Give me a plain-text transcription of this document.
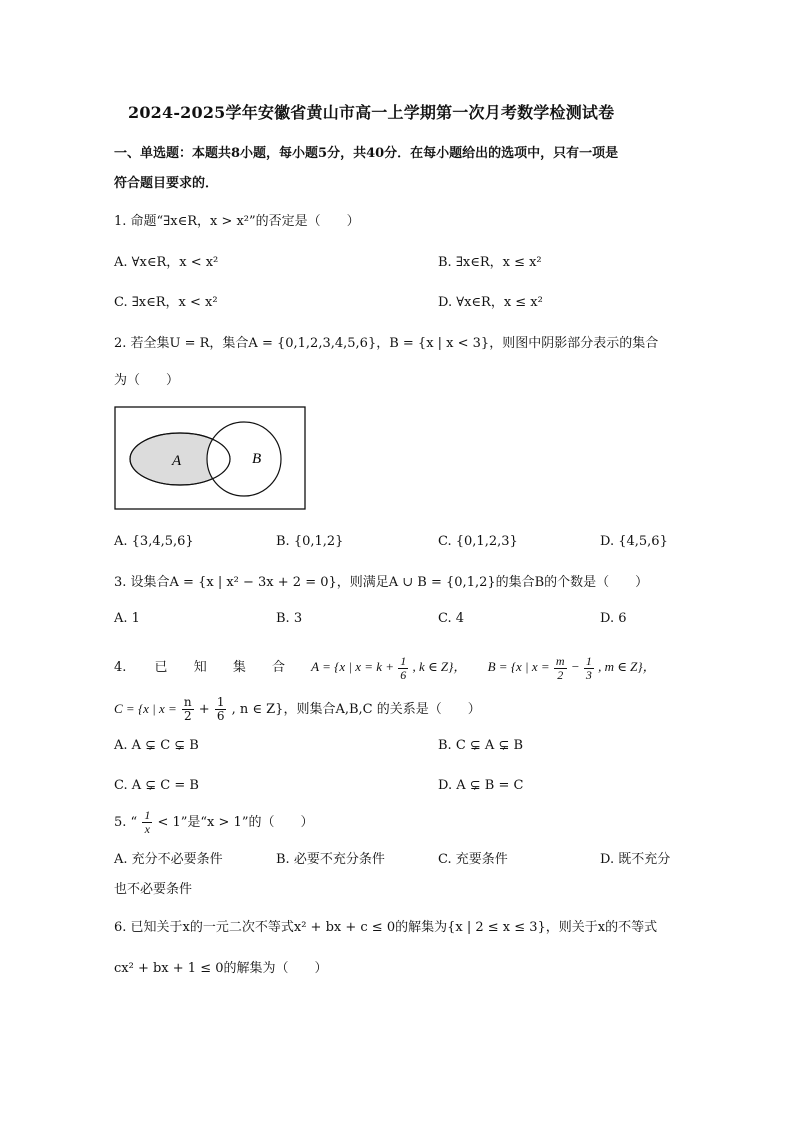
2024-2025学年安徽省黄山市高一上学期第一次月考数学检测试卷
一、单选题：本题共8小题，每小题5分，共40分．在每小题给出的选项中，只有一项是
符合题目要求的．
1. 命题“∃x∈R，x > x²”的否定是（　　）
A. ∀x∈R，x < x²	B. ∃x∈R，x ≤ x²
C. ∃x∈R，x < x²	D. ∀x∈R，x ≤ x²
2. 若全集U = R，集合A = {0,1,2,3,4,5,6}，B = {x | x < 3}，则图中阴影部分表示的集合
为（　　）
A	B
A. {3,4,5,6}	B. {0,1,2}	C. {0,1,2,3}	D. {4,5,6}
3. 设集合A = {x | x² − 3x + 2 = 0}，则满足A ∪ B = {0,1,2}的集合B的个数是（　　）
A. 1	B. 3	C. 4	D. 6
4. 已 知 集 合 A = {x | $x = k + \frac{1}{6}$ , k ∈ Z}， B = {x | $x = \frac{m}{2} - \frac{1}{3}$ , m ∈ Z}，
C = {x | $x = \frac{n}{2} + \frac{1}{6}$ , n ∈ Z}，则集合A,B,C 的关系是（　　）
A. A ⊊ C ⊊ B	B. C ⊊ A ⊊ B
C. A ⊊ C = B	D. A ⊊ B = C
5. “ $\frac{1}{x} < 1$”是“x > 1”的（　　）
A. 充分不必要条件	B. 必要不充分条件	C. 充要条件	D. 既不充分
也不必要条件
6. 已知关于x的一元二次不等式x² + bx + c ≤ 0的解集为{x | 2 ≤ x ≤ 3}，则关于x的不等式
cx² + bx + 1 ≤ 0的解集为（　　）
